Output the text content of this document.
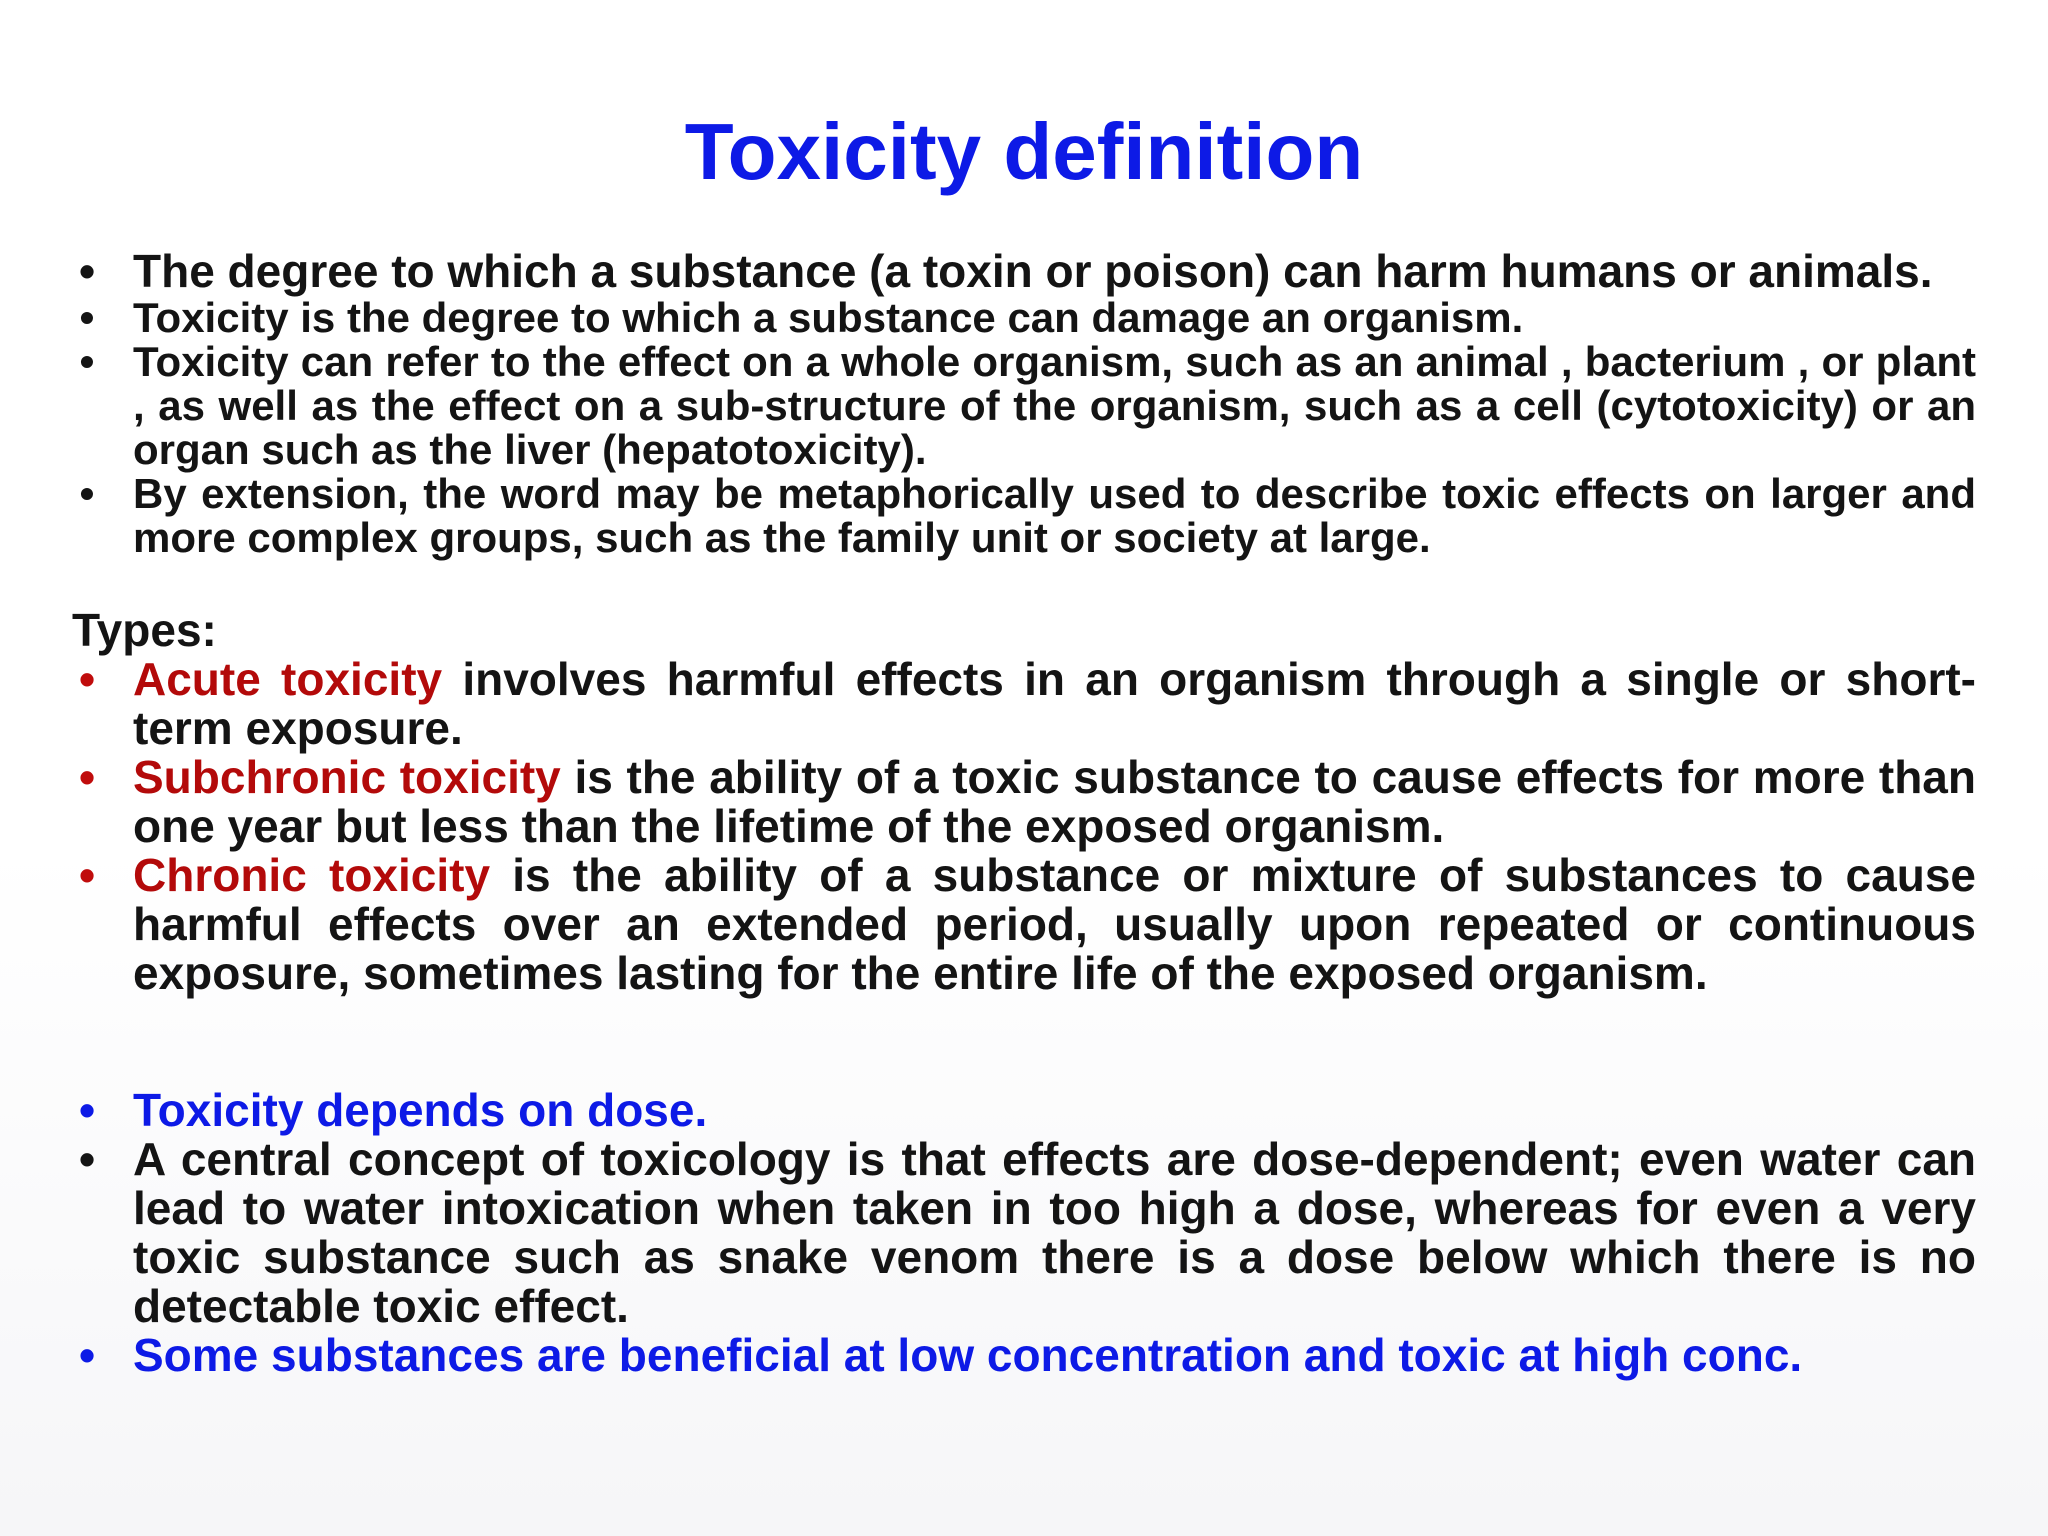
Toxicity definition
• The degree to which a substance (a toxin or poison) can harm humans or animals.
• Toxicity is the degree to which a substance can damage an organism.
• Toxicity can refer to the effect on a whole organism, such as an animal , bacterium , or plant , as well as the effect on a sub-structure of the organism, such as a cell (cytotoxicity) or an organ such as the liver (hepatotoxicity).
• By extension, the word may be metaphorically used to describe toxic effects on larger and more complex groups, such as the family unit or society at large.

Types:

• Acute toxicity involves harmful effects in an organism through a single or short-term exposure.
• Subchronic toxicity is the ability of a toxic substance to cause effects for more than one year but less than the lifetime of the exposed organism.
• Chronic toxicity is the ability of a substance or mixture of substances to cause harmful effects over an extended period, usually upon repeated or continuous exposure, sometimes lasting for the entire life of the exposed organism.
• Toxicity depends on dose.
• A central concept of toxicology is that effects are dose-dependent; even water can lead to water intoxication when taken in too high a dose, whereas for even a very toxic substance such as snake venom there is a dose below which there is no detectable toxic effect.
• Some substances are beneficial at low concentration and toxic at high conc.
